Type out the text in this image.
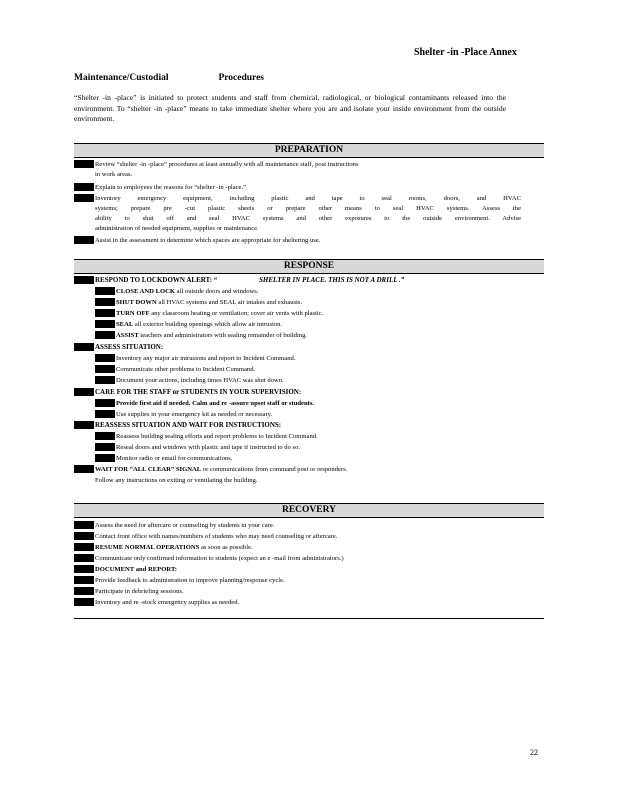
Shelter -in -Place Annex
Maintenance/Custodial	Procedures
“Shelter -in -place” is initiated to protect students and staff from chemical, radiological, or biological contaminants released into the environment. To “shelter -in -place” means to take immediate shelter where you are and isolate your inside environment from the outside environment.
PREPARATION
Review “shelter -in -place” procedures at least annually with all maintenance staff, post instructions
in work areas.
Explain to employees the reasons for “shelter -in -place.”
Inventory emergency equipment, including plastic and tape to seal rooms, doors, and HVAC
systems; prepare pre -cut plastic sheets or prepare other means to seal HVAC systems. Assess the
ability to shut off and seal HVAC systems and other exposures to the outside environment. Advise
administration of needed equipment, supplies or maintenance.
Assist in the assessment to determine which spaces are appropriate for sheltering use.
RESPONSE
RESPOND TO LOCKDOWN ALERT: “	SHELTER IN PLACE. THIS IS NOT A DRILL .”
CLOSE AND LOCK all outside doors and windows.
SHUT DOWN all HVAC systems and SEAL air intakes and exhausts.
TURN OFF any classroom heating or ventilation; cover air vents with plastic.
SEAL all exterior building openings which allow air intrusion.
ASSIST teachers and administrators with sealing remainder of building.
ASSESS SITUATION:
Inventory any major air intrusions and report to Incident Command.
Communicate other problems to Incident Command.
Document your actions, including times HVAC was shut down.
CARE FOR THE STAFF or STUDENTS IN YOUR SUPERVISION:
Provide first aid if needed. Calm and re -assure upset staff or students.
Use supplies in your emergency kit as needed or necessary.
REASSESS SITUATION AND WAIT FOR INSTRUCTIONS:
Reassess building sealing efforts and report problems to Incident Command.
Reseal doors and windows with plastic and tape if instructed to do so.
Monitor radio or email for communications.
WAIT FOR “ALL CLEAR” SIGNAL or communications from command post or responders.
Follow any instructions on exiting or ventilating the building.
RECOVERY
Assess the need for aftercare or counseling by students in your care.
Contact front office with names/numbers of students who may need counseling or aftercare.
RESUME NORMAL OPERATIONS as soon as possible.
Communicate only confirmed information to students (expect an e -mail from administrators.)
DOCUMENT and REPORT:
Provide feedback to administration to improve planning/response cycle.
Participate in debriefing sessions.
Inventory and re -stock emergency supplies as needed.
22
